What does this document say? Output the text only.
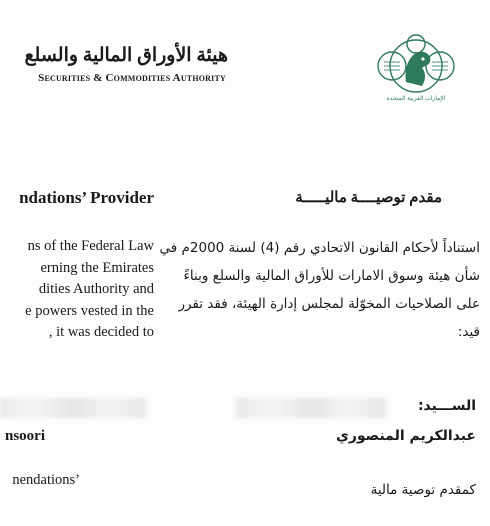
هيئة الأوراق المالية والسلع
Securities & Commodities Authority
الإمارات العربية المتحدة
ndations’ Provider	مقدم توصيــــة ماليـــــة
ns of the Federal Law
erning the Emirates
dities Authority and
e powers vested in the
, it was decided to
استناداً لأحكام القانون الاتحادي رقم (4) لسنة 2000م في
شأن هيئة وسوق الامارات للأوراق المالية والسلع وبناءً
على الصلاحيات المخوّلة لمجلس إدارة الهيئة، فقد تقرر
قيد:
الســـيد:
nsoori	عبدالكريم المنصوري
nendations’
كمقدم توصية مالية
